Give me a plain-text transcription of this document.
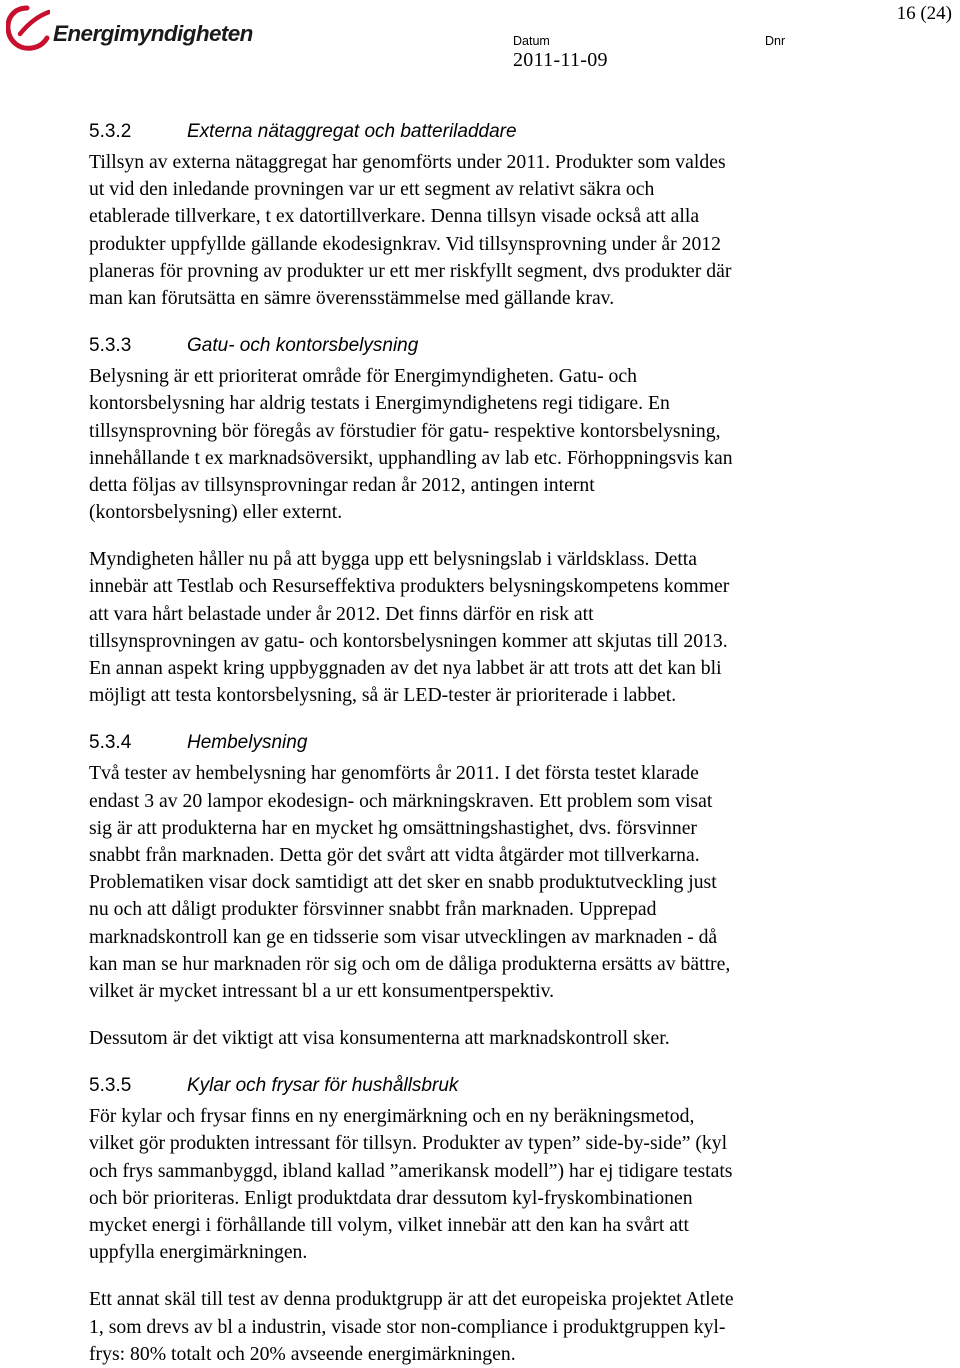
Energimyndigheten
16 (24)
Datum	Dnr
2011-11-09
5.3.2	Externa nätaggregat och batteriladdare
Tillsyn av externa nätaggregat har genomförts under 2011. Produkter som valdes
ut vid den inledande provningen var ur ett segment av relativt säkra och
etablerade tillverkare, t ex datortillverkare. Denna tillsyn visade också att alla
produkter uppfyllde gällande ekodesignkrav. Vid tillsynsprovning under år 2012
planeras för provning av produkter ur ett mer riskfyllt segment, dvs produkter där
man kan förutsätta en sämre överensstämmelse med gällande krav.
5.3.3	Gatu- och kontorsbelysning
Belysning är ett prioriterat område för Energimyndigheten. Gatu- och
kontorsbelysning har aldrig testats i Energimyndighetens regi tidigare. En
tillsynsprovning bör föregås av förstudier för gatu- respektive kontorsbelysning,
innehållande t ex marknadsöversikt, upphandling av lab etc. Förhoppningsvis kan
detta följas av tillsynsprovningar redan år 2012, antingen internt
(kontorsbelysning) eller externt.
Myndigheten håller nu på att bygga upp ett belysningslab i världsklass. Detta
innebär att Testlab och Resurseffektiva produkters belysningskompetens kommer
att vara hårt belastade under år 2012. Det finns därför en risk att
tillsynsprovningen av gatu- och kontorsbelysningen kommer att skjutas till 2013.
En annan aspekt kring uppbyggnaden av det nya labbet är att trots att det kan bli
möjligt att testa kontorsbelysning, så är LED-tester är prioriterade i labbet.
5.3.4	Hembelysning
Två tester av hembelysning har genomförts år 2011. I det första testet klarade
endast 3 av 20 lampor ekodesign- och märkningskraven. Ett problem som visat
sig är att produkterna har en mycket hg omsättningshastighet, dvs. försvinner
snabbt från marknaden. Detta gör det svårt att vidta åtgärder mot tillverkarna.
Problematiken visar dock samtidigt att det sker en snabb produktutveckling just
nu och att dåligt produkter försvinner snabbt från marknaden. Upprepad
marknadskontroll kan ge en tidsserie som visar utvecklingen av marknaden - då
kan man se hur marknaden rör sig och om de dåliga produkterna ersätts av bättre,
vilket är mycket intressant bl a ur ett konsumentperspektiv.
Dessutom är det viktigt att visa konsumenterna att marknadskontroll sker.
5.3.5	Kylar och frysar för hushållsbruk
För kylar och frysar finns en ny energimärkning och en ny beräkningsmetod,
vilket gör produkten intressant för tillsyn. Produkter av typen” side-by-side” (kyl
och frys sammanbyggd, ibland kallad ”amerikansk modell”) har ej tidigare testats
och bör prioriteras. Enligt produktdata drar dessutom kyl-fryskombinationen
mycket energi i förhållande till volym, vilket innebär att den kan ha svårt att
uppfylla energimärkningen.
Ett annat skäl till test av denna produktgrupp är att det europeiska projektet Atlete
1, som drevs av bl a industrin, visade stor non-compliance i produktgruppen kyl-
frys: 80% totalt och 20% avseende energimärkningen.
